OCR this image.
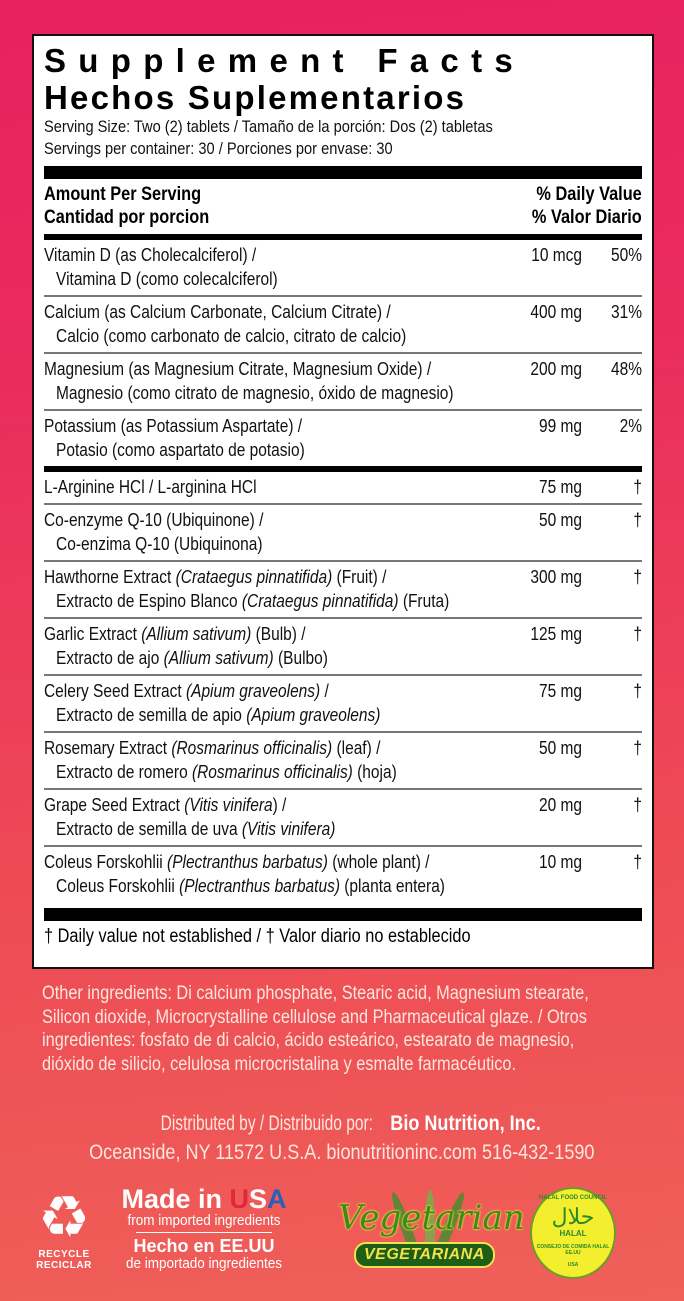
Supplement Facts
Hechos Suplementarios
Serving Size: Two (2) tablets / Tamaño de la porción: Dos (2) tabletas
Servings per container: 30 / Porciones por envase: 30
Amount Per Serving
Cantidad por porcion
% Daily Value
% Valor Diario
Vitamin D (as Cholecalciferol) /
Vitamina D (como colecalciferol)
10 mcg 50%
Calcium (as Calcium Carbonate, Calcium Citrate) /
Calcio (como carbonato de calcio, citrato de calcio)
400 mg 31%
Magnesium (as Magnesium Citrate, Magnesium Oxide) /
Magnesio (como citrato de magnesio, óxido de magnesio)
200 mg 48%
Potassium (as Potassium Aspartate) /
Potasio (como aspartato de potasio)
99 mg 2%
L-Arginine HCl / L-arginina HCl	75 mg	†
Co-enzyme Q-10 (Ubiquinone) /
Co-enzima Q-10 (Ubiquinona)
50 mg	†
Hawthorne Extract (Crataegus pinnatifida) (Fruit) /
Extracto de Espino Blanco (Crataegus pinnatifida) (Fruta)
300 mg	†
Garlic Extract (Allium sativum) (Bulb) /
Extracto de ajo (Allium sativum) (Bulbo)
125 mg	†
Celery Seed Extract (Apium graveolens) /
Extracto de semilla de apio (Apium graveolens)
75 mg	†
Rosemary Extract (Rosmarinus officinalis) (leaf) /
Extracto de romero (Rosmarinus officinalis) (hoja)
50 mg	†
Grape Seed Extract (Vitis vinifera) /
Extracto de semilla de uva (Vitis vinifera)
20 mg	†
Coleus Forskohlii (Plectranthus barbatus) (whole plant) /
Coleus Forskohlii (Plectranthus barbatus) (planta entera)
10 mg	†
† Daily value not established / † Valor diario no establecido
Other ingredients: Di calcium phosphate, Stearic acid, Magnesium stearate, Silicon dioxide, Microcrystalline cellulose and Pharmaceutical glaze. / Otros ingredientes: fosfato de di calcio, ácido esteárico, estearato de magnesio, dióxido de silicio, celulosa microcristalina y esmalte farmacéutico.
Distributed by / Distribuido por:Bio Nutrition, Inc.
Oceanside, NY 11572 U.S.A. bionutritioninc.com 516-432-1590
♻
RECYCLE
RECICLAR
Made in USA
from imported ingredients
Hecho en EE.UU
de importado ingredientes
Vegetarian
VEGETARIANA
HALAL FOOD COUNCIL
حلال
HALAL
CONSEJO DE COMIDA HALAL EE.UU
USA
